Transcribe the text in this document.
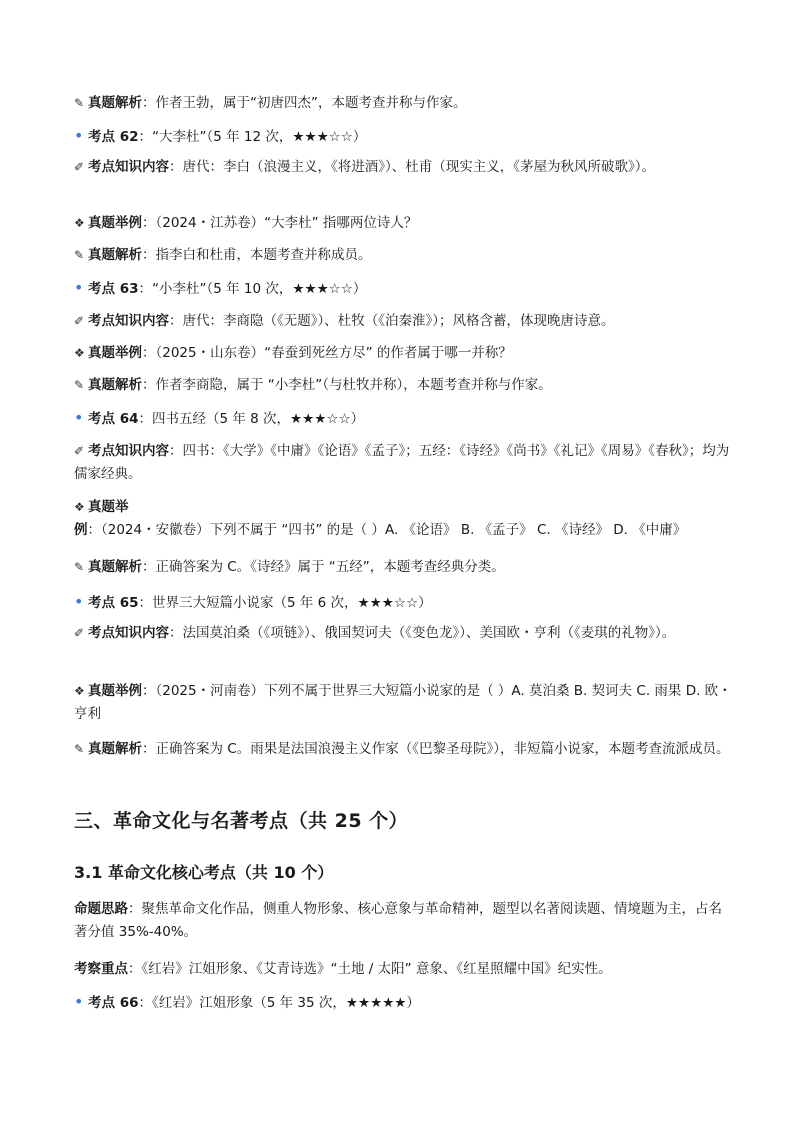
✎ 真题解析：作者王勃，属于“初唐四杰”，本题考查并称与作家。
• 考点 62：“大李杜”（5 年 12 次，★★★☆☆）
✐ 考点知识内容：唐代：李白（浪漫主义，《将进酒》）、杜甫（现实主义，《茅屋为秋风所破歌》）。
❖ 真题举例：（2024・江苏卷）“大李杜” 指哪两位诗人？
✎ 真题解析：指李白和杜甫，本题考查并称成员。
• 考点 63：“小李杜”（5 年 10 次，★★★☆☆）
✐ 考点知识内容：唐代：李商隐（《无题》）、杜牧（《泊秦淮》）；风格含蓄，体现晚唐诗意。
❖ 真题举例：（2025・山东卷）“春蚕到死丝方尽” 的作者属于哪一并称？
✎ 真题解析：作者李商隐，属于 “小李杜”（与杜牧并称），本题考查并称与作家。
• 考点 64：四书五经（5 年 8 次，★★★☆☆）
✐ 考点知识内容：四书：《大学》《中庸》《论语》《孟子》；五经：《诗经》《尚书》《礼记》《周易》《春秋》；均为儒家经典。
❖ 真题举例：（2024・安徽卷）下列不属于 “四书” 的是（ ）A. 《论语》 B. 《孟子》 C. 《诗经》 D. 《中庸》
✎ 真题解析：正确答案为 C。《诗经》属于 “五经”，本题考查经典分类。
• 考点 65：世界三大短篇小说家（5 年 6 次，★★★☆☆）
✐ 考点知识内容：法国莫泊桑（《项链》）、俄国契诃夫（《变色龙》）、美国欧・亨利（《麦琪的礼物》）。
❖ 真题举例：（2025・河南卷）下列不属于世界三大短篇小说家的是（ ）A. 莫泊桑 B. 契诃夫 C. 雨果 D. 欧・亨利
✎ 真题解析：正确答案为 C。雨果是法国浪漫主义作家（《巴黎圣母院》），非短篇小说家，本题考查流派成员。
三、革命文化与名著考点（共 25 个）
3.1 革命文化核心考点（共 10 个）
命题思路：聚焦革命文化作品，侧重人物形象、核心意象与革命精神，题型以名著阅读题、情境题为主，占名著分值 35%-40%。
考察重点：《红岩》江姐形象、《艾青诗选》“土地 / 太阳” 意象、《红星照耀中国》纪实性。
• 考点 66：《红岩》江姐形象（5 年 35 次，★★★★★）
